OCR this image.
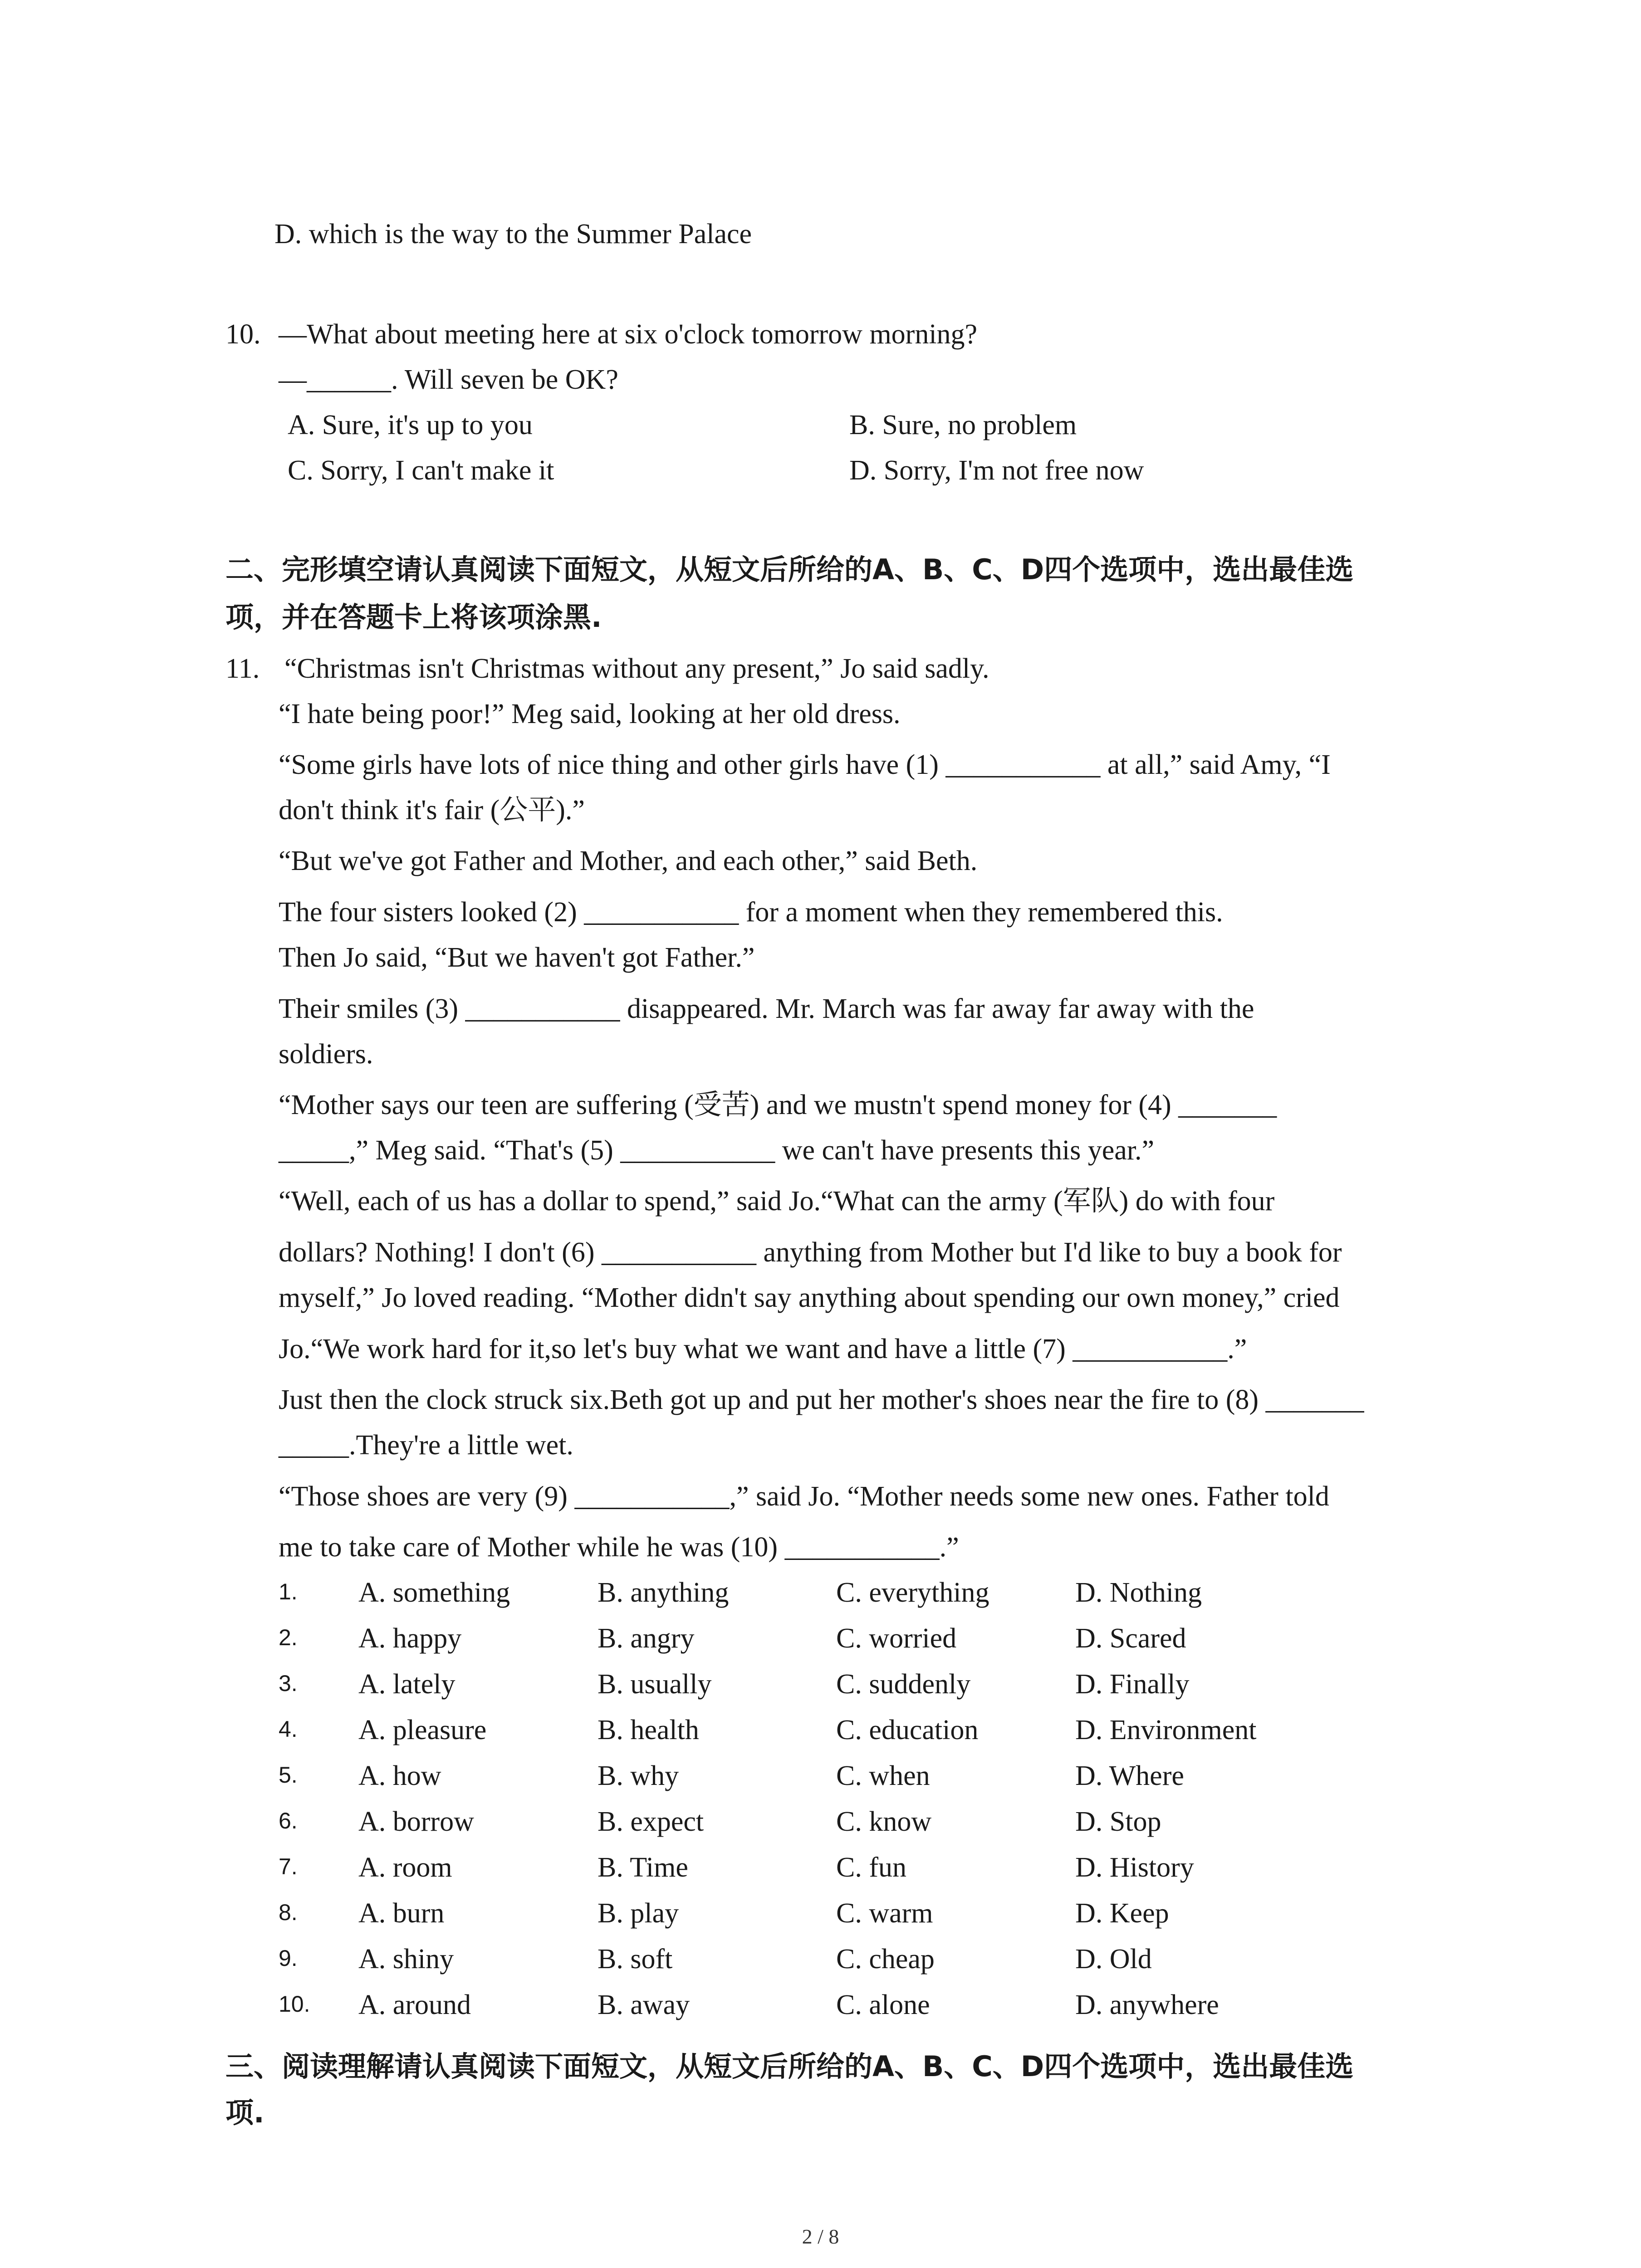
D. which is the way to the Summer Palace
10. —What about meeting here at six o'clock tomorrow morning?
—______. Will seven be OK?
A. Sure, it's up to you	B. Sure, no problem
C. Sorry, I can't make it	D. Sorry, I'm not free now
二、完形填空请认真阅读下面短文，从短文后所给的A、B、C、D四个选项中，选出最佳选
项，并在答题卡上将该项涂黑.
11. “Christmas isn't Christmas without any present,” Jo said sadly.
“I hate being poor!” Meg said, looking at her old dress.
“Some girls have lots of nice thing and other girls have (1) ___________ at all,” said Amy, “I
don't think it's fair (公平).”
“But we've got Father and Mother, and each other,” said Beth.
The four sisters looked (2) ___________ for a moment when they remembered this.
Then Jo said, “But we haven't got Father.”
Their smiles (3) ___________ disappeared. Mr. March was far away far away with the
soldiers.
“Mother says our teen are suffering (受苦) and we mustn't spend money for (4) _______
_____,” Meg said. “That's (5) ___________ we can't have presents this year.”
“Well, each of us has a dollar to spend,” said Jo.“What can the army (军队) do with four
dollars? Nothing! I don't (6) ___________ anything from Mother but I'd like to buy a book for
myself,” Jo loved reading. “Mother didn't say anything about spending our own money,” cried
Jo.“We work hard for it,so let's buy what we want and have a little (7) ___________.”
Just then the clock struck six.Beth got up and put her mother's shoes near the fire to (8) _______
_____.They're a little wet.
“Those shoes are very (9) ___________,” said Jo. “Mother needs some new ones. Father told
me to take care of Mother while he was (10) ___________.”
1. A. something	B. anything	C. everything	D. Nothing
2. A. happy	B. angry	C. worried	D. Scared
3. A. lately	B. usually	C. suddenly	D. Finally
4. A. pleasure	B. health	C. education	D. Environment
5. A. how	B. why	C. when	D. Where
6. A. borrow	B. expect	C. know	D. Stop
7. A. room	B. Time	C. fun	D. History
8. A. burn	B. play	C. warm	D. Keep
9. A. shiny	B. soft	C. cheap	D. Old
10. A. around	B. away	C. alone	D. anywhere
三、阅读理解请认真阅读下面短文，从短文后所给的A、B、C、D四个选项中，选出最佳选
项.
2 / 8
